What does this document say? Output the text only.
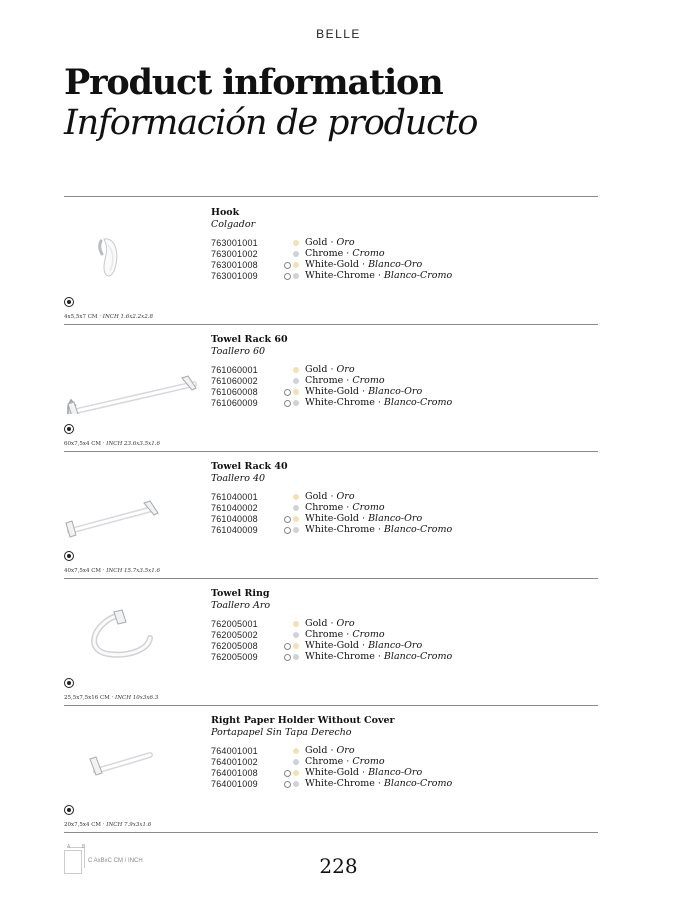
BELLE
Product information
Información de producto
Hook
Colgador
763001001	Gold · Oro
763001002	Chrome · Cromo
763001008	White-Gold · Blanco-Oro
763001009	White-Chrome · Blanco-Cromo
4x5,5x7 CM · INCH 1.6x2.2x2.8
Towel Rack 60
Toallero 60
761060001	Gold · Oro
761060002	Chrome · Cromo
761060008	White-Gold · Blanco-Oro
761060009	White-Chrome · Blanco-Cromo
60x7,5x4 CM · INCH 23.6x3.5x1.6
Towel Rack 40
Toallero 40
761040001	Gold · Oro
761040002	Chrome · Cromo
761040008	White-Gold · Blanco-Oro
761040009	White-Chrome · Blanco-Cromo
40x7,5x4 CM · INCH 15.7x3.5x1.6
Towel Ring
Toallero Aro
762005001	Gold · Oro
762005002	Chrome · Cromo
762005008	White-Gold · Blanco-Oro
762005009	White-Chrome · Blanco-Cromo
25,5x7,5x16 CM · INCH 10x3x6.3
Right Paper Holder Without Cover
Portapapel Sin Tapa Derecho
764001001	Gold · Oro
764001002	Chrome · Cromo
764001008	White-Gold · Blanco-Oro
764001009	White-Chrome · Blanco-Cromo
20x7,5x4 CM · INCH 7.9x3x1.6
A B
C AxBxC CM / INCH	228
